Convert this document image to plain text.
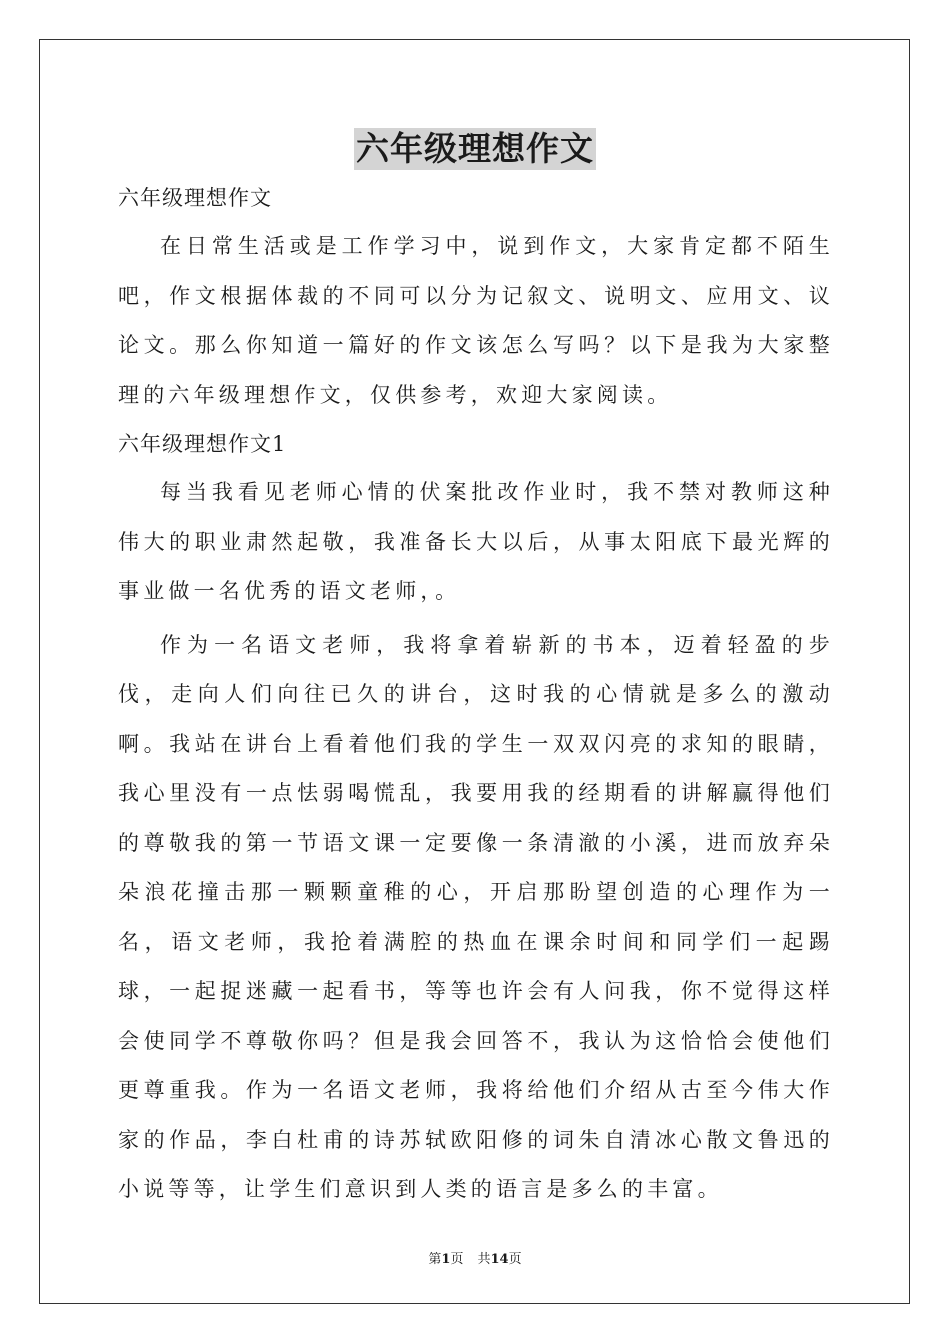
六年级理想作文
六年级理想作文

在日常生活或是工作学习中，说到作文，大家肯定都不陌生吧，作文根据体裁的不同可以分为记叙文、说明文、应用文、议论文。那么你知道一篇好的作文该怎么写吗？以下是我为大家整理的六年级理想作文，仅供参考，欢迎大家阅读。

六年级理想作文1

每当我看见老师心情的伏案批改作业时，我不禁对教师这种伟大的职业肃然起敬，我准备长大以后，从事太阳底下最光辉的事业做一名优秀的语文老师，。

作为一名语文老师，我将拿着崭新的书本，迈着轻盈的步伐，走向人们向往已久的讲台，这时我的心情就是多么的激动啊。我站在讲台上看着他们我的学生一双双闪亮的求知的眼睛，我心里没有一点怯弱喝慌乱，我要用我的经期看的讲解赢得他们的尊敬我的第一节语文课一定要像一条清澈的小溪，进而放弃朵朵浪花撞击那一颗颗童稚的心，开启那盼望创造的心理作为一名，语文老师，我抢着满腔的热血在课余时间和同学们一起踢球，一起捉迷藏一起看书，等等也许会有人问我，你不觉得这样会使同学不尊敬你吗？但是我会回答不，我认为这恰恰会使他们更尊重我。作为一名语文老师，我将给他们介绍从古至今伟大作家的作品，李白杜甫的诗苏轼欧阳修的词朱自清冰心散文鲁迅的小说等等，让学生们意识到人类的语言是多么的丰富。

第1页 共14页
